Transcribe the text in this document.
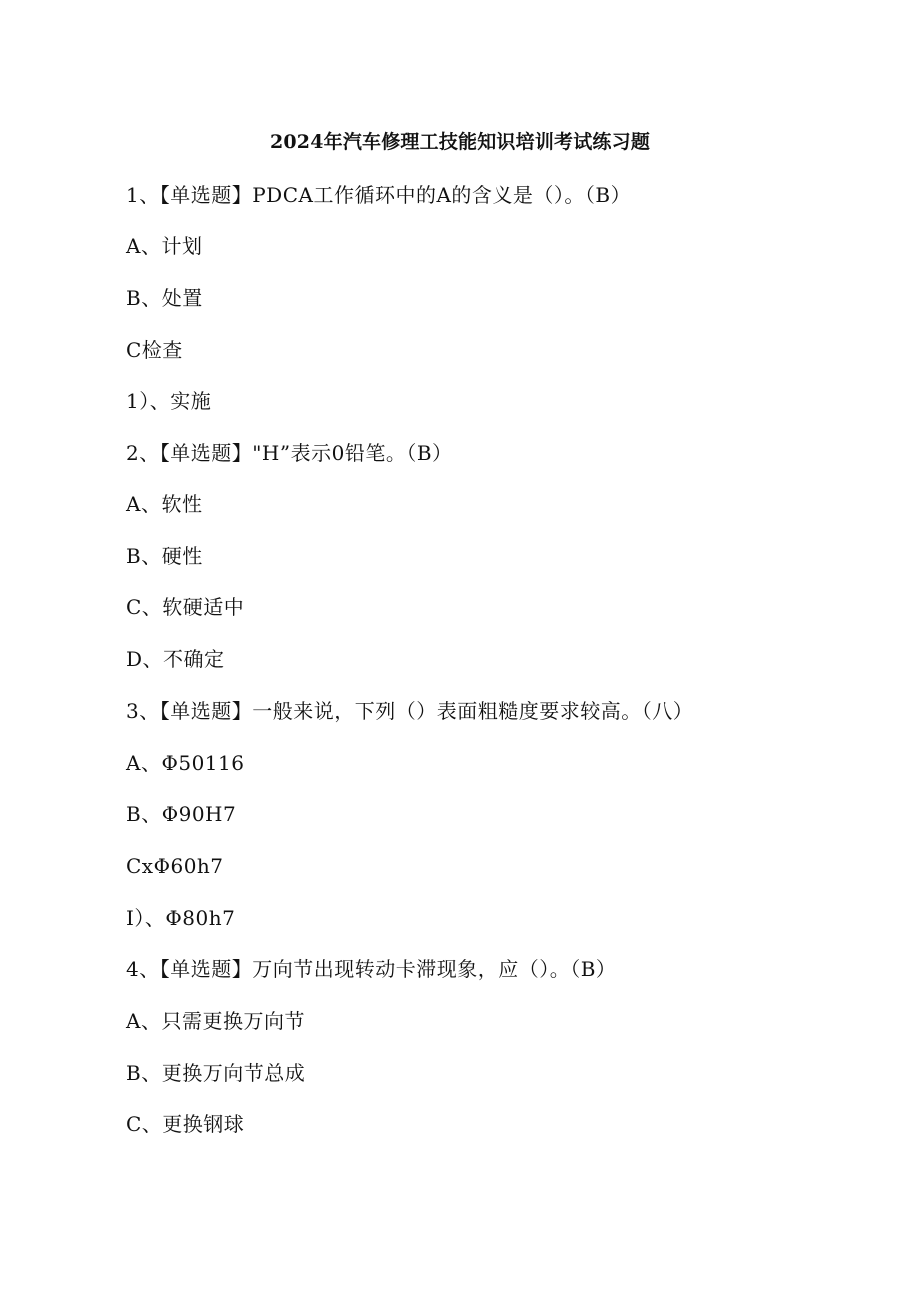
2024年汽车修理工技能知识培训考试练习题
1、【单选题】PDCA工作循环中的A的含义是（）。（B）
A、计划
B、处置
C检查
1）、实施
2、【单选题】"H”表示0铅笔。（B）
A、软性
B、硬性
C、软硬适中
D、不确定
3、【单选题】一般来说，下列（）表面粗糙度要求较高。（八）
A、Φ50116
B、Φ90H7
CxΦ60h7
I）、Φ80h7
4、【单选题】万向节出现转动卡滞现象，应（）。（B）
A、只需更换万向节
B、更换万向节总成
C、更换钢球
